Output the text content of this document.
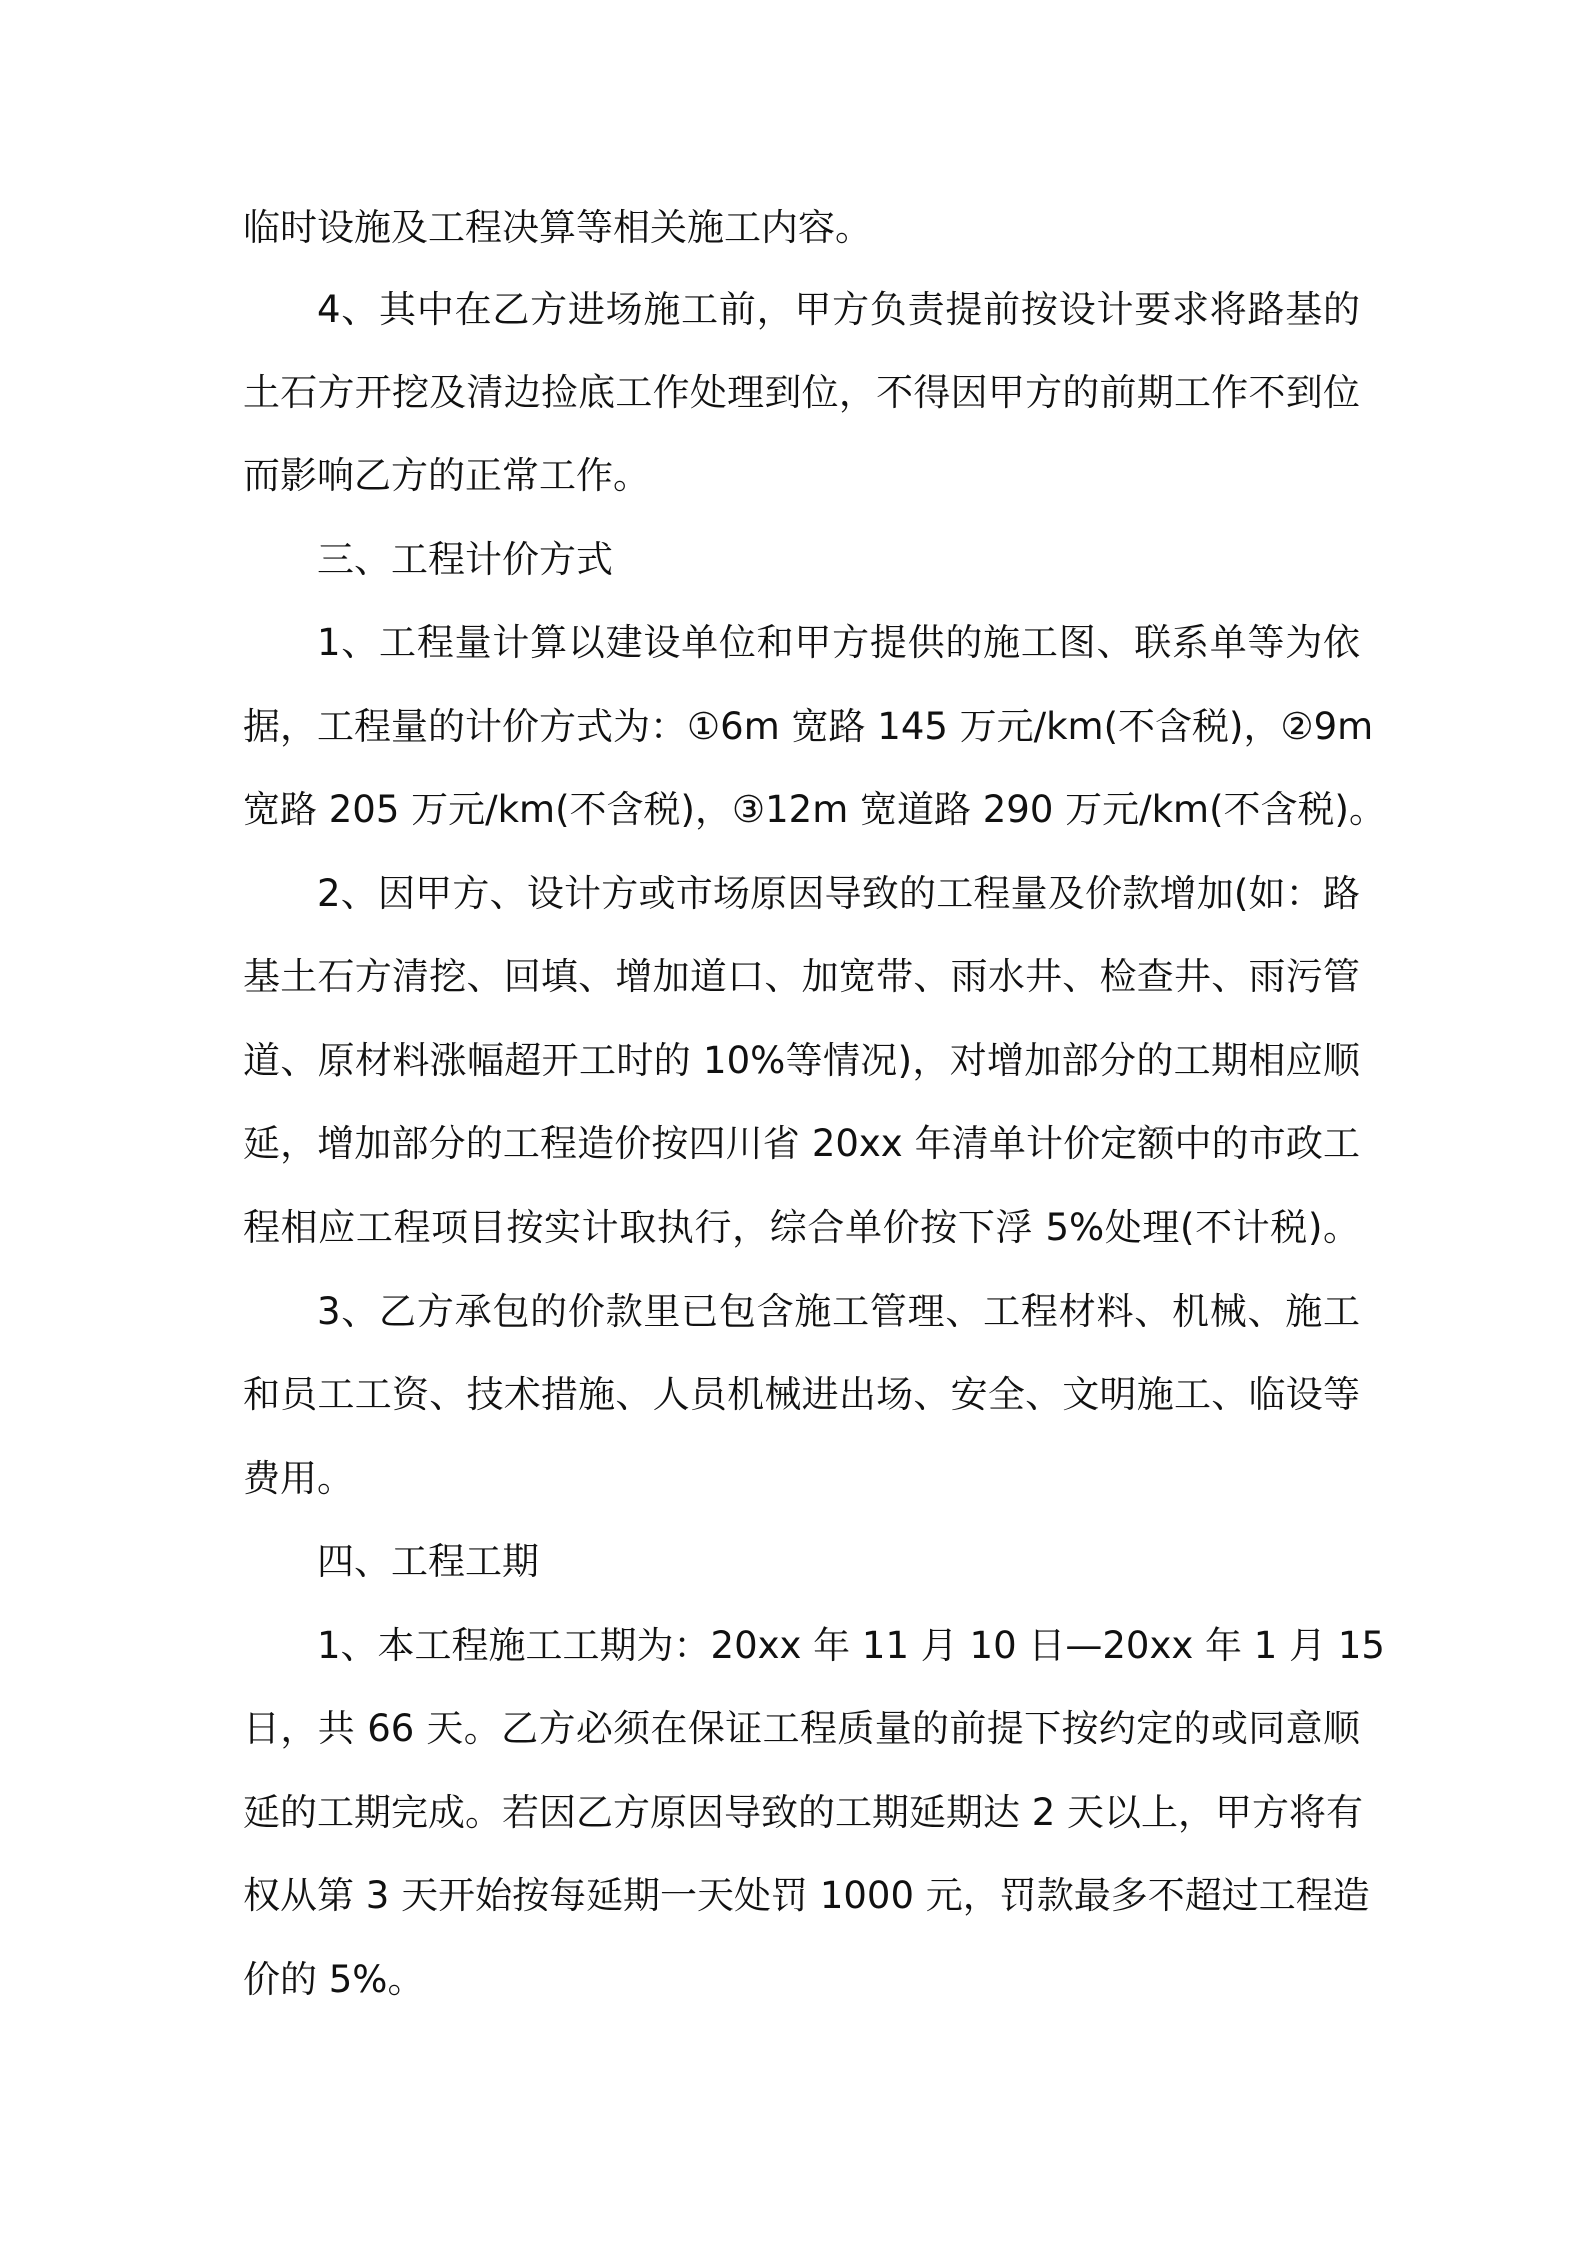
临时设施及工程决算等相关施工内容。
4、其中在乙方进场施工前，甲方负责提前按设计要求将路基的
土石方开挖及清边捡底工作处理到位，不得因甲方的前期工作不到位
而影响乙方的正常工作。
三、工程计价方式
1、工程量计算以建设单位和甲方提供的施工图、联系单等为依
据，工程量的计价方式为：①6m 宽路 145 万元/km(不含税)，②9m
宽路 205 万元/km(不含税)，③12m 宽道路 290 万元/km(不含税)。
2、因甲方、设计方或市场原因导致的工程量及价款增加(如：路
基土石方清挖、回填、增加道口、加宽带、雨水井、检查井、雨污管
道、原材料涨幅超开工时的 10%等情况)，对增加部分的工期相应顺
延，增加部分的工程造价按四川省 20xx 年清单计价定额中的市政工
程相应工程项目按实计取执行，综合单价按下浮 5%处理(不计税)。
3、乙方承包的价款里已包含施工管理、工程材料、机械、施工
和员工工资、技术措施、人员机械进出场、安全、文明施工、临设等
费用。
四、工程工期
1、本工程施工工期为：20xx 年 11 月 10 日—20xx 年 1 月 15
日，共 66 天。乙方必须在保证工程质量的前提下按约定的或同意顺
延的工期完成。若因乙方原因导致的工期延期达 2 天以上，甲方将有
权从第 3 天开始按每延期一天处罚 1000 元，罚款最多不超过工程造
价的 5%。
